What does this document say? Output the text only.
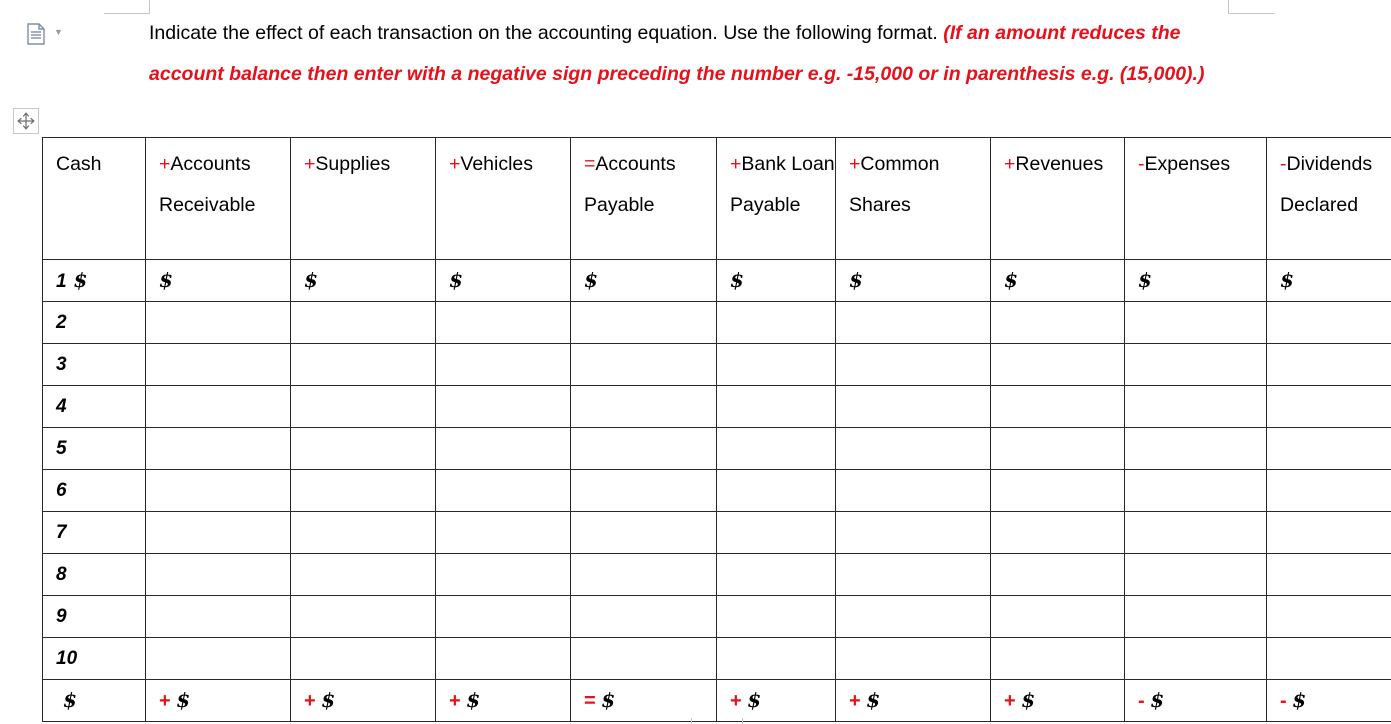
▼	Indicate the effect of each transaction on the accounting equation. Use the following format. (If an amount reduces the account balance then enter with a negative sign preceding the number e.g. -15,000 or in parenthesis e.g. (15,000).)

Cash	+Accounts Receivable	+Supplies	+Vehicles	=Accounts Payable	+Bank Loan Payable	+Common Shares	+Revenues	-Expenses	-Dividends Declared
1 $	$	$	$	$	$	$	$	$	$
2									
3									
4									
5									
6									
7									
8									
9									
10									
$	+ $	+ $	+ $	= $	+ $	+ $	+ $	- $	- $
